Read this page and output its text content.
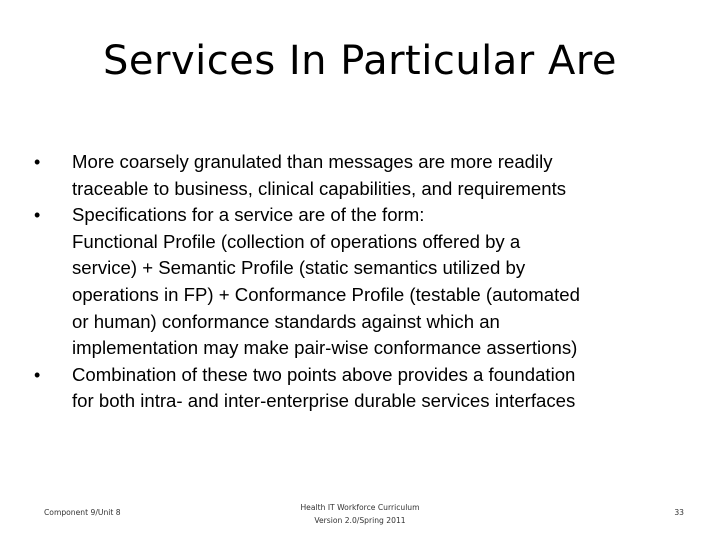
Services In Particular Are
•	More coarsely granulated than messages are more readily
traceable to business, clinical capabilities, and requirements
•	Specifications for a service are of the form:
Functional Profile (collection of operations offered by a
service) + Semantic Profile (static semantics utilized by
operations in FP) + Conformance Profile (testable (automated
or human) conformance standards against which an
implementation may make pair-wise conformance assertions)
•	Combination of these two points above provides a foundation
for both intra- and inter-enterprise durable services interfaces
Component 9/Unit 8
Health IT Workforce Curriculum
Version 2.0/Spring 2011
33
